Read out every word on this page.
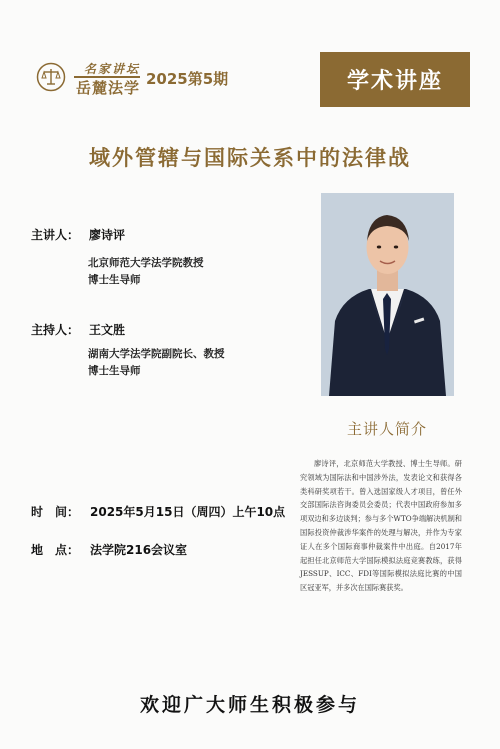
名家讲坛
岳麓法学 2025第5期	学术讲座
域外管辖与国际关系中的法律战
主讲人： 廖诗评
北京师范大学法学院教授
博士生导师
主持人： 王文胜
湖南大学法学院副院长、教授
博士生导师
主讲人简介
廖诗评，北京师范大学教授、博士生导师。研究领域为国际法和中国涉外法，发表论文和获得各类科研奖项若干。曾入选国家级人才项目，曾任外交部国际法咨询委员会委员；代表中国政府参加多项双边和多边谈判；参与多个WTO争端解决机制和国际投资仲裁涉华案件的处理与解决，并作为专家证人在多个国际商事仲裁案件中出庭。自2017年起担任北京师范大学国际模拟法庭竞赛教练，获得JESSUP、ICC、FDI等国际模拟法庭比赛的中国区冠亚军，并多次在国际赛获奖。
时　间： 2025年5月15日（周四）上午10点
地　点： 法学院216会议室
欢迎广大师生积极参与
